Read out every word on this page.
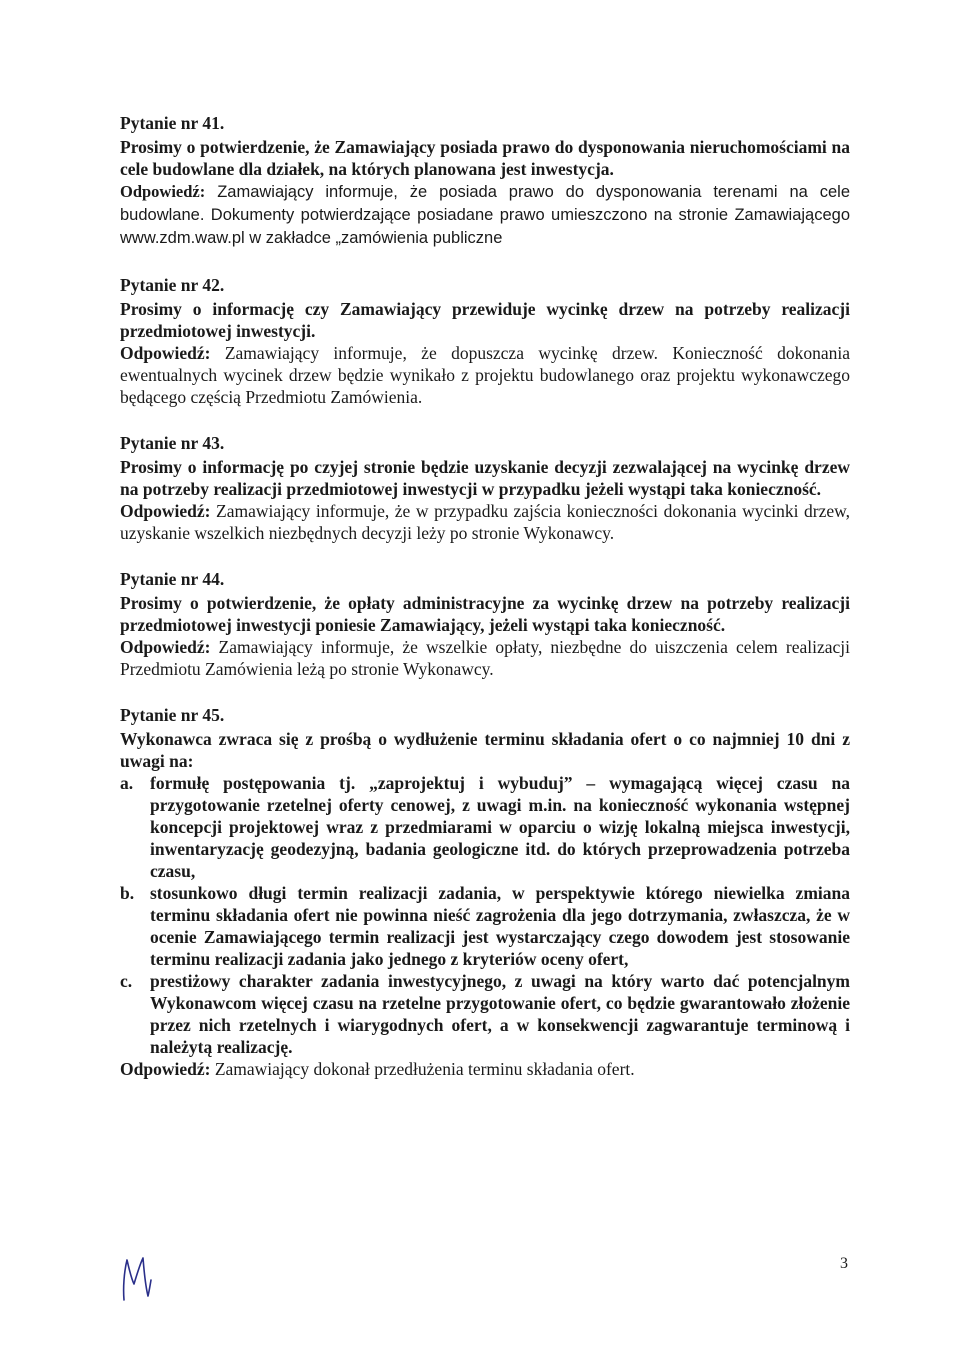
Pytanie nr 41.

Prosimy o potwierdzenie, że Zamawiający posiada prawo do dysponowania nieruchomościami na cele budowlane dla działek, na których planowana jest inwestycja.

Odpowiedź: Zamawiający informuje, że posiada prawo do dysponowania terenami na cele budowlane. Dokumenty potwierdzające posiadane prawo umieszczono na stronie Zamawiającego www.zdm.waw.pl w zakładce „zamówienia publiczne

Pytanie nr 42.

Prosimy o informację czy Zamawiający przewiduje wycinkę drzew na potrzeby realizacji przedmiotowej inwestycji.

Odpowiedź: Zamawiający informuje, że dopuszcza wycinkę drzew. Konieczność dokonania ewentualnych wycinek drzew będzie wynikało z projektu budowlanego oraz projektu wykonawczego będącego częścią Przedmiotu Zamówienia.

Pytanie nr 43.

Prosimy o informację po czyjej stronie będzie uzyskanie decyzji zezwalającej na wycinkę drzew na potrzeby realizacji przedmiotowej inwestycji w przypadku jeżeli wystąpi taka konieczność.

Odpowiedź: Zamawiający informuje, że w przypadku zajścia konieczności dokonania wycinki drzew, uzyskanie wszelkich niezbędnych decyzji leży po stronie Wykonawcy.

Pytanie nr 44.

Prosimy o potwierdzenie, że opłaty administracyjne za wycinkę drzew na potrzeby realizacji przedmiotowej inwestycji poniesie Zamawiający, jeżeli wystąpi taka konieczność.

Odpowiedź: Zamawiający informuje, że wszelkie opłaty, niezbędne do uiszczenia celem realizacji Przedmiotu Zamówienia leżą po stronie Wykonawcy.

Pytanie nr 45.

Wykonawca zwraca się z prośbą o wydłużenie terminu składania ofert o co najmniej 10 dni z uwagi na:

a. formułę postępowania tj. „zaprojektuj i wybuduj” – wymagającą więcej czasu na przygotowanie rzetelnej oferty cenowej, z uwagi m.in. na konieczność wykonania wstępnej koncepcji projektowej wraz z przedmiarami w oparciu o wizję lokalną miejsca inwestycji, inwentaryzację geodezyjną, badania geologiczne itd. do których przeprowadzenia potrzeba czasu,
b. stosunkowo długi termin realizacji zadania, w perspektywie którego niewielka zmiana terminu składania ofert nie powinna nieść zagrożenia dla jego dotrzymania, zwłaszcza, że w ocenie Zamawiającego termin realizacji jest wystarczający czego dowodem jest stosowanie terminu realizacji zadania jako jednego z kryteriów oceny ofert,
c.	prestiżowy charakter zadania inwestycyjnego, z uwagi na który warto dać potencjalnym Wykonawcom więcej czasu na rzetelne przygotowanie ofert, co będzie gwarantowało złożenie przez nich rzetelnych i wiarygodnych ofert, a w konsekwencji zagwarantuje terminową i należytą realizację.

Odpowiedź: Zamawiający dokonał przedłużenia terminu składania ofert.

3
